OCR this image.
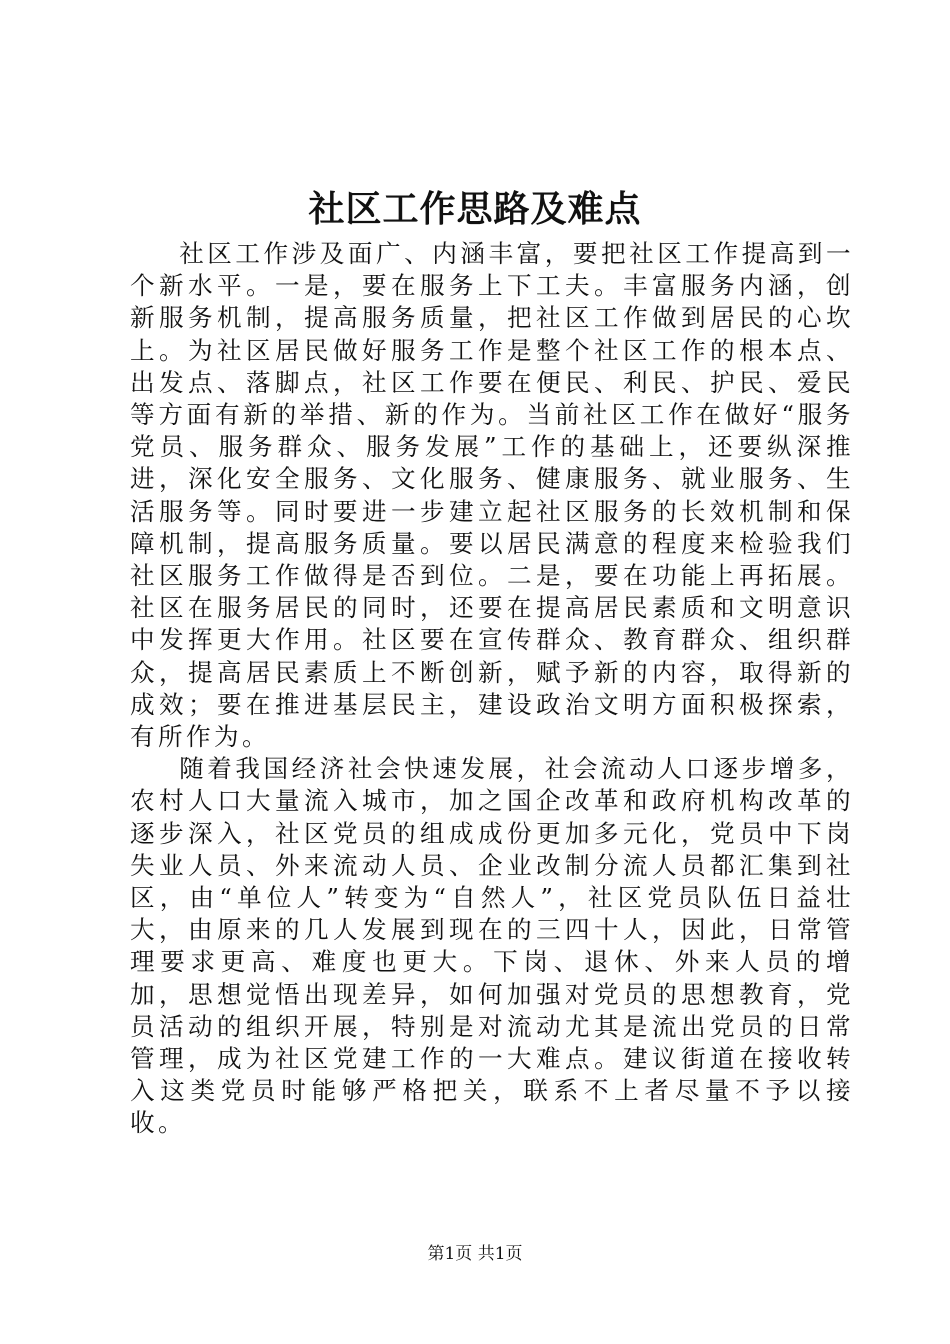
社区工作思路及难点

社区工作涉及面广、内涵丰富，要把社区工作提高到一个新水平。一是，要在服务上下工夫。丰富服务内涵，创新服务机制，提高服务质量，把社区工作做到居民的心坎上。为社区居民做好服务工作是整个社区工作的根本点、出发点、落脚点，社区工作要在便民、利民、护民、爱民等方面有新的举措、新的作为。当前社区工作在做好“服务党员、服务群众、服务发展”工作的基础上，还要纵深推进，深化安全服务、文化服务、健康服务、就业服务、生活服务等。同时要进一步建立起社区服务的长效机制和保障机制，提高服务质量。要以居民满意的程度来检验我们社区服务工作做得是否到位。二是，要在功能上再拓展。社区在服务居民的同时，还要在提高居民素质和文明意识中发挥更大作用。社区要在宣传群众、教育群众、组织群众，提高居民素质上不断创新，赋予新的内容，取得新的成效；要在推进基层民主，建设政治文明方面积极探索，有所作为。

随着我国经济社会快速发展，社会流动人口逐步增多，农村人口大量流入城市，加之国企改革和政府机构改革的逐步深入，社区党员的组成成份更加多元化，党员中下岗失业人员、外来流动人员、企业改制分流人员都汇集到社区，由“单位人”转变为“自然人”，社区党员队伍日益壮大，由原来的几人发展到现在的三四十人，因此，日常管理要求更高、难度也更大。下岗、退休、外来人员的增加，思想觉悟出现差异，如何加强对党员的思想教育，党员活动的组织开展，特别是对流动尤其是流出党员的日常管理，成为社区党建工作的一大难点。建议街道在接收转入这类党员时能够严格把关，联系不上者尽量不予以接收。

第1页 共1页
